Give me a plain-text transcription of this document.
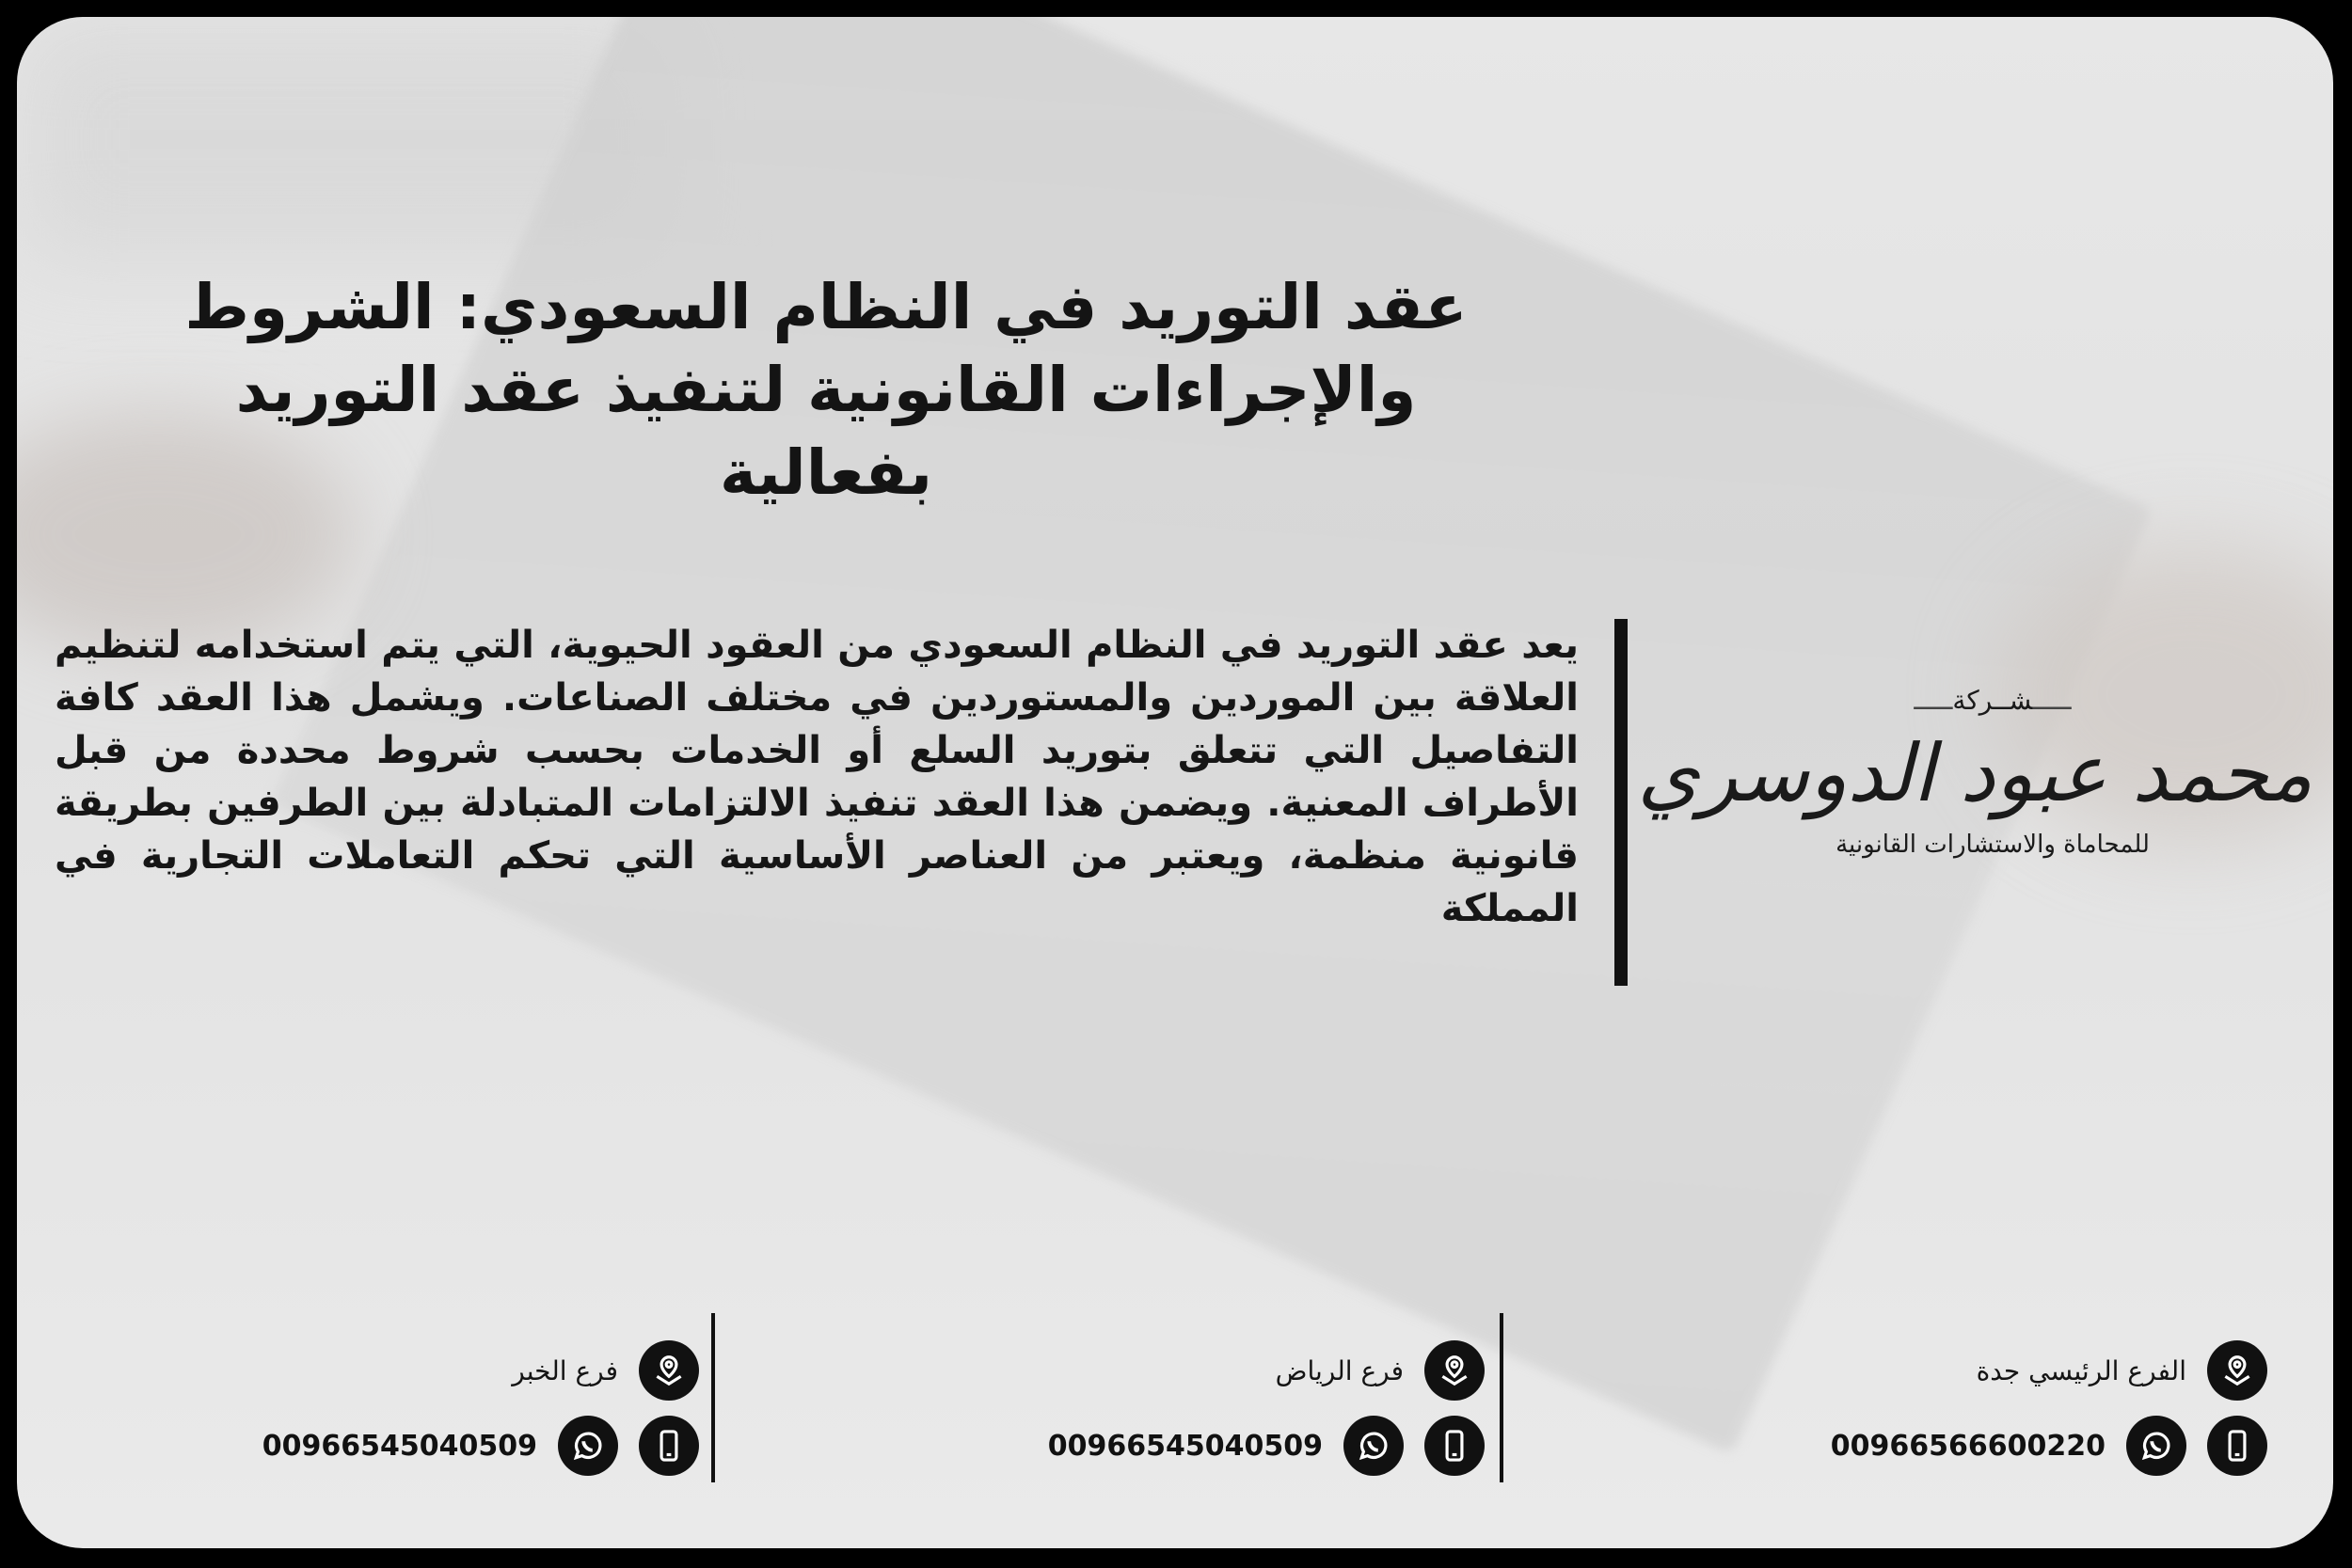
عقد التوريد في النظام السعودي: الشروط والإجراءات القانونية لتنفيذ عقد التوريد بفعالية

يعد عقد التوريد في النظام السعودي من العقود الحيوية، التي يتم استخدامه لتنظيم العلاقة بين الموردين والمستوردين في مختلف الصناعات. ويشمل هذا العقد كافة التفاصيل التي تتعلق بتوريد السلع أو الخدمات بحسب شروط محددة من قبل الأطراف المعنية. ويضمن هذا العقد تنفيذ الالتزامات المتبادلة بين الطرفين بطريقة قانونية منظمة، ويعتبر من العناصر الأساسية التي تحكم التعاملات التجارية في المملكة

ـــــ شــركة ـــــ
محمد عبود الدوسري
للمحاماة والاستشارات القانونية
الفرع الرئيسي جدة
00966566600220
فرع الرياض
00966545040509
فرع الخبر
00966545040509
